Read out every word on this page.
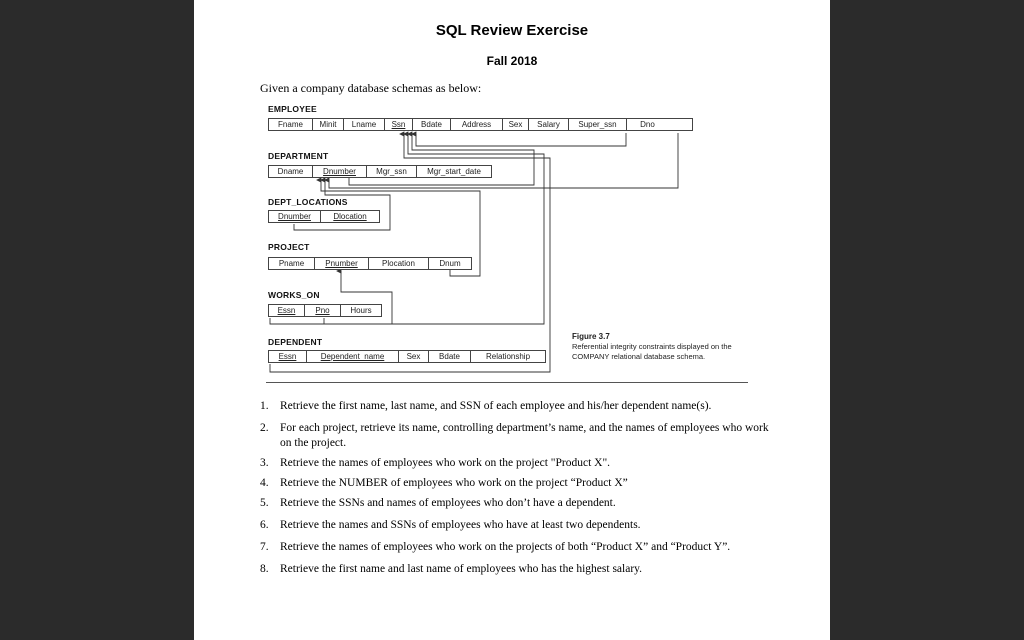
SQL Review Exercise
Fall 2018
Given a company database schemas as below:
EMPLOYEE
Fname	Minit	Lname	Ssn	Bdate	Address	Sex	Salary	Super_ssn	Dno
DEPARTMENT
Dname	Dnumber	Mgr_ssn	Mgr_start_date
DEPT_LOCATIONS
Dnumber	Dlocation
PROJECT
Pname	Pnumber	Plocation	Dnum
WORKS_ON
Essn	Pno	Hours
DEPENDENT
Essn	Dependent_name	Sex	Bdate	Relationship
Figure 3.7
Referential integrity constraints displayed on the COMPANY relational database schema.
1. Retrieve the first name, last name, and SSN of each employee and his/her dependent name(s).
2. For each project, retrieve its name, controlling department’s name, and the names of employees who work on the project.
3. Retrieve the names of employees who work on the project "Product X".
4. Retrieve the NUMBER of employees who work on the project “Product X”
5. Retrieve the SSNs and names of employees who don’t have a dependent.
6. Retrieve the names and SSNs of employees who have at least two dependents.
7. Retrieve the names of employees who work on the projects of both “Product X” and “Product Y”.
8. Retrieve the first name and last name of employees who has the highest salary.
